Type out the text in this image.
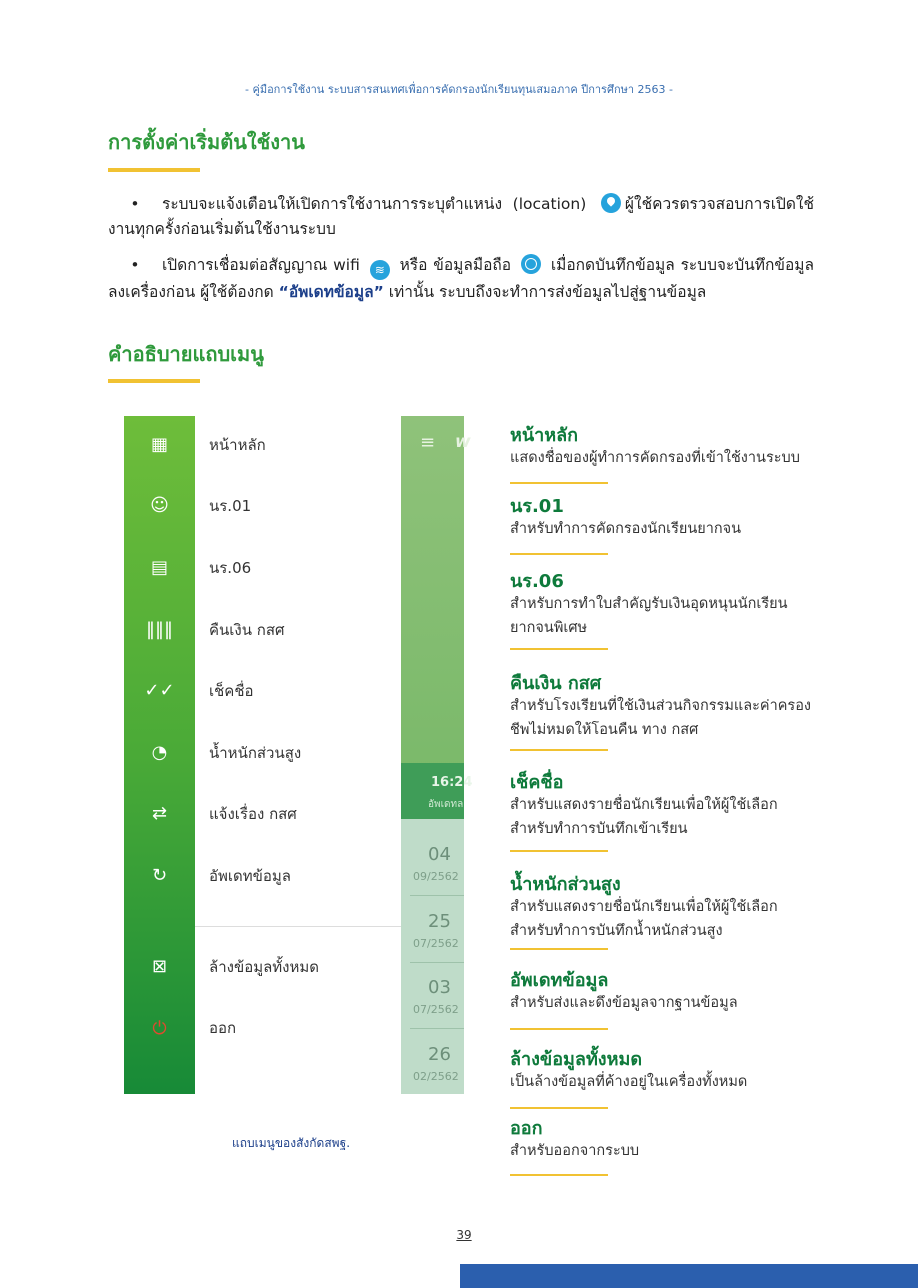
- คู่มือการใช้งาน ระบบสารสนเทศเพื่อการคัดกรองนักเรียนทุนเสมอภาค ปีการศึกษา 2563 -
การตั้งค่าเริ่มต้นใช้งาน
• ระบบจะแจ้งเตือนให้เปิดการใช้งานการระบุตำแหน่ง (location) ผู้ใช้ควรตรวจสอบการเปิดใช้งานทุกครั้งก่อนเริ่มต้นใช้งานระบบ
• เปิดการเชื่อมต่อสัญญาณ wifi ≋ หรือ ข้อมูลมือถือ	เมื่อกดบันทึกข้อมูล ระบบจะบันทึกข้อมูลลงเครื่องก่อน ผู้ใช้ต้องกด “อัพเดทข้อมูล” เท่านั้น ระบบถึงจะทำการส่งข้อมูลไปสู่ฐานข้อมูล
คำอธิบายแถบเมนู
▦	หน้าหลัก
☺	นร.01
▤	นร.06
‖‖‖	คืนเงิน กสศ
✓✓	เช็คชื่อ
◔	น้ำหนักส่วนสูง
⇄	แจ้งเรื่อง กสศ
↻	อัพเดทข้อมูล
⊠	ล้างข้อมูลทั้งหมด
⏻	ออก
≡ w
16:24
อัพเดทล
04
09/2562
25
07/2562
03
07/2562
26
02/2562
แถบเมนูของสังกัดสพฐ.
หน้าหลัก
แสดงชื่อของผู้ทำการคัดกรองที่เข้าใช้งานระบบ
นร.01
สำหรับทำการคัดกรองนักเรียนยากจน
นร.06
สำหรับการทำใบสำคัญรับเงินอุดหนุนนักเรียนยากจนพิเศษ
คืนเงิน กสศ
สำหรับโรงเรียนที่ใช้เงินส่วนกิจกรรมและค่าครองชีพไม่หมดให้โอนคืน ทาง กสศ
เช็คชื่อ
สำหรับแสดงรายชื่อนักเรียนเพื่อให้ผู้ใช้เลือกสำหรับทำการบันทึกเข้าเรียน
น้ำหนักส่วนสูง
สำหรับแสดงรายชื่อนักเรียนเพื่อให้ผู้ใช้เลือกสำหรับทำการบันทึกน้ำหนักส่วนสูง
อัพเดทข้อมูล
สำหรับส่งและดึงข้อมูลจากฐานข้อมูล
ล้างข้อมูลทั้งหมด
เป็นล้างข้อมูลที่ค้างอยู่ในเครื่องทั้งหมด
ออก
สำหรับออกจากระบบ
39
